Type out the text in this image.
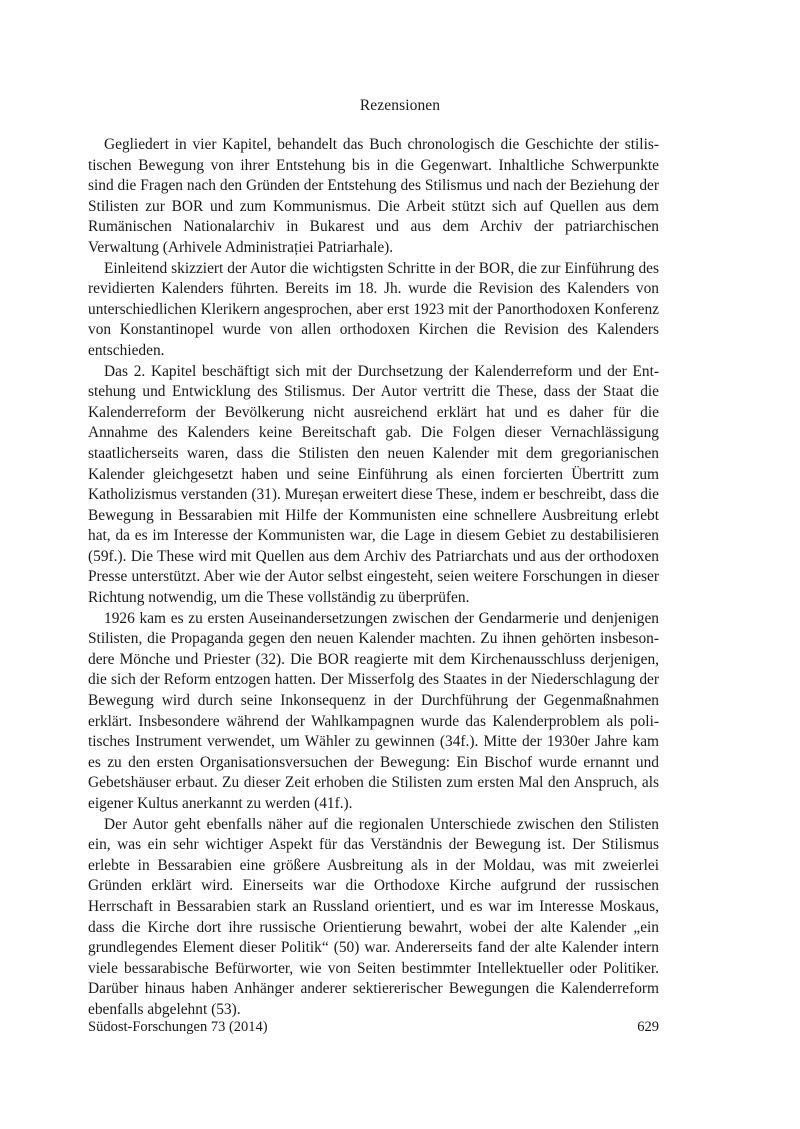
Rezensionen

Gegliedert in vier Kapitel, behandelt das Buch chronologisch die Geschichte der stilistischen Bewegung von ihrer Entstehung bis in die Gegenwart. Inhaltliche Schwerpunkte sind die Fragen nach den Gründen der Entstehung des Stilismus und nach der Beziehung der Stilisten zur BOR und zum Kommunismus. Die Arbeit stützt sich auf Quellen aus dem Rumänischen Nationalarchiv in Bukarest und aus dem Archiv der patriarchischen Verwaltung (Arhivele Administrației Patriarhale).

Einleitend skizziert der Autor die wichtigsten Schritte in der BOR, die zur Einführung des revidierten Kalenders führten. Bereits im 18. Jh. wurde die Revision des Kalenders von unterschiedlichen Klerikern angesprochen, aber erst 1923 mit der Panorthodoxen Konferenz von Konstantinopel wurde von allen orthodoxen Kirchen die Revision des Kalenders entschieden.

Das 2. Kapitel beschäftigt sich mit der Durchsetzung der Kalenderreform und der Entstehung und Entwicklung des Stilismus. Der Autor vertritt die These, dass der Staat die Kalenderreform der Bevölkerung nicht ausreichend erklärt hat und es daher für die Annahme des Kalenders keine Bereitschaft gab. Die Folgen dieser Vernachlässigung staatlicherseits waren, dass die Stilisten den neuen Kalender mit dem gregorianischen Kalender gleichgesetzt haben und seine Einführung als einen forcierten Übertritt zum Katholizismus verstanden (31). Mureșan erweitert diese These, indem er beschreibt, dass die Bewegung in Bessarabien mit Hilfe der Kommunisten eine schnellere Ausbreitung erlebt hat, da es im Interesse der Kommunisten war, die Lage in diesem Gebiet zu destabilisieren (59f.). Die These wird mit Quellen aus dem Archiv des Patriarchats und aus der orthodoxen Presse unterstützt. Aber wie der Autor selbst eingesteht, seien weitere Forschungen in dieser Richtung notwendig, um die These vollständig zu überprüfen.

1926 kam es zu ersten Auseinandersetzungen zwischen der Gendarmerie und denjenigen Stilisten, die Propaganda gegen den neuen Kalender machten. Zu ihnen gehörten insbesondere Mönche und Priester (32). Die BOR reagierte mit dem Kirchenausschluss derjenigen, die sich der Reform entzogen hatten. Der Misserfolg des Staates in der Niederschlagung der Bewegung wird durch seine Inkonsequenz in der Durchführung der Gegenmaßnahmen erklärt. Insbesondere während der Wahlkampagnen wurde das Kalenderproblem als politisches Instrument verwendet, um Wähler zu gewinnen (34f.). Mitte der 1930er Jahre kam es zu den ersten Organisationsversuchen der Bewegung: Ein Bischof wurde ernannt und Gebetshäuser erbaut. Zu dieser Zeit erhoben die Stilisten zum ersten Mal den Anspruch, als eigener Kultus anerkannt zu werden (41f.).

Der Autor geht ebenfalls näher auf die regionalen Unterschiede zwischen den Stilisten ein, was ein sehr wichtiger Aspekt für das Verständnis der Bewegung ist. Der Stilismus erlebte in Bessarabien eine größere Ausbreitung als in der Moldau, was mit zweierlei Gründen erklärt wird. Einerseits war die Orthodoxe Kirche aufgrund der russischen Herrschaft in Bessarabien stark an Russland orientiert, und es war im Interesse Moskaus, dass die Kirche dort ihre russische Orientierung bewahrt, wobei der alte Kalender „ein grundlegendes Element dieser Politik“ (50) war. Andererseits fand der alte Kalender intern viele bessarabische Befürworter, wie von Seiten bestimmter Intellektueller oder Politiker. Darüber hinaus haben Anhänger anderer sektiererischer Bewegungen die Kalenderreform ebenfalls abgelehnt (53).

Südost-Forschungen 73 (2014)	629
